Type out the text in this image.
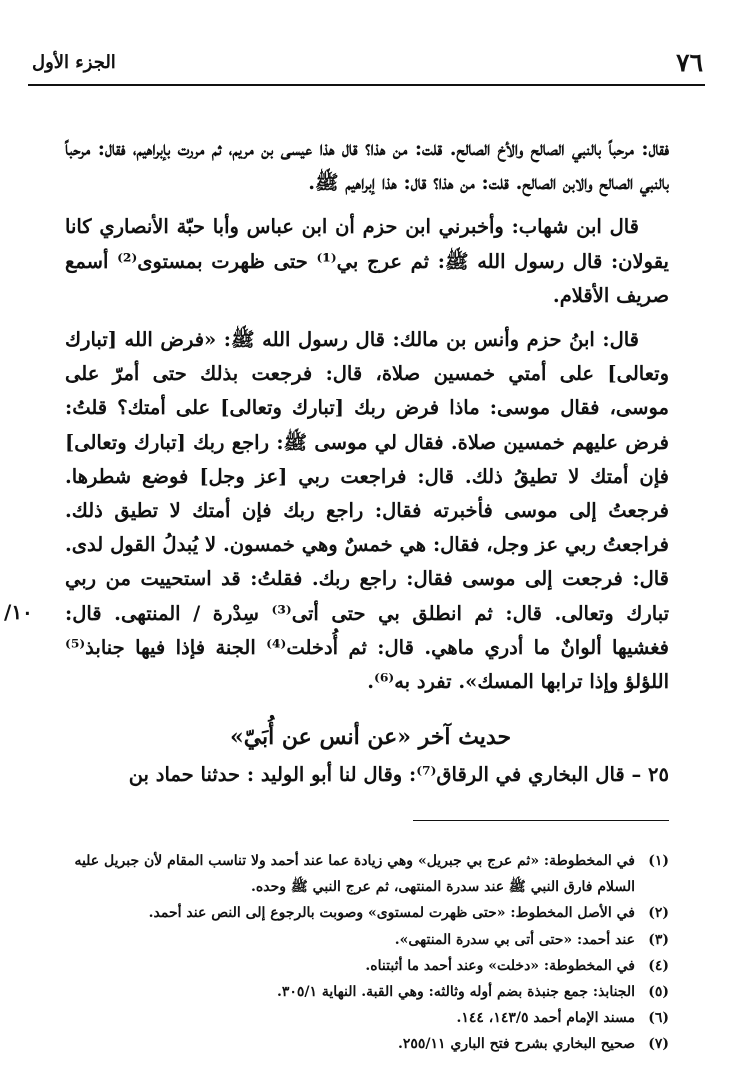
٧٦
الجزء الأول

فقال: مرحباً بالنبي الصالح والأخ الصالح. قلت: من هذا؟ قال هذا عيسى بن مريم، ثم مررت بإبراهيم، فقال: مرحباً بالنبي الصالح والابن الصالح. قلت: من هذا؟ قال: هذا إبراهيم ﷺ.

قال ابن شهاب: وأخبرني ابن حزم أن ابن عباس وأبا حبّة الأنصاري كانا يقولان: قال رسول الله ﷺ: ثم عرج بي⁽¹⁾ حتى ظهرت بمستوى⁽²⁾ أسمع صريف الأقلام.

قال: ابنُ حزم وأنس بن مالك: قال رسول الله ﷺ: «فرض الله [تبارك وتعالى] على أمتي خمسين صلاة، قال: فرجعت بذلك حتى أمرّ على موسى، فقال موسى: ماذا فرض ربك [تبارك وتعالى] على أمتك؟ قلتُ: فرض عليهم خمسين صلاة. فقال لي موسى ﷺ: راجع ربك [تبارك وتعالى] فإن أمتك لا تطيقُ ذلك. قال: فراجعت ربي [عز وجل] فوضع شطرها. فرجعتُ إلى موسى فأخبرته فقال: راجع ربك فإن أمتك لا تطيق ذلك. فراجعتُ ربي عز وجل، فقال: هي خمسٌ وهي خمسون. لا يُبدلُ القول لدى. قال: فرجعت إلى موسى فقال: راجع ربك. فقلتُ: قد استحييت من ربي تبارك وتعالى. قال: ثم انطلق بي حتى أتى⁽³⁾ سِدْرة / المنتهى. قال: فغشيها ألوانٌ ما أدري ماهي. قال: ثم أُدخلت⁽⁴⁾ الجنة فإذا فيها جنابذ⁽⁵⁾ اللؤلؤ وإذا ترابها المسك». تفرد به⁽⁶⁾.

١٠/
حديث آخر «عن أنس عن أُبَيّ»
٢٥ – قال البخاري في الرقاق⁽⁷⁾: وقال لنا أبو الوليد : حدثنا حماد بن
(١)
في المخطوطة: «ثم عرج بي جبريل» وهي زيادة عما عند أحمد ولا تناسب المقام لأن جبريل عليه السلام فارق النبي ﷺ عند سدرة المنتهى، ثم عرج النبي ﷺ وحده.
(٢)
في الأصل المخطوط: «حتى ظهرت لمستوى» وصوبت بالرجوع إلى النص عند أحمد.
(٣)
عند أحمد: «حتى أتى بي سدرة المنتهى».
(٤)
في المخطوطة: «دخلت» وعند أحمد ما أثبتناه.
(٥)
الجنابذ: جمع جنبذة بضم أوله وثالثه: وهي القبة. النهاية ٣٠٥/١.
(٦)
مسند الإمام أحمد ١٤٣/٥، ١٤٤.
(٧)
صحيح البخاري بشرح فتح الباري ٢٥٥/١١.
